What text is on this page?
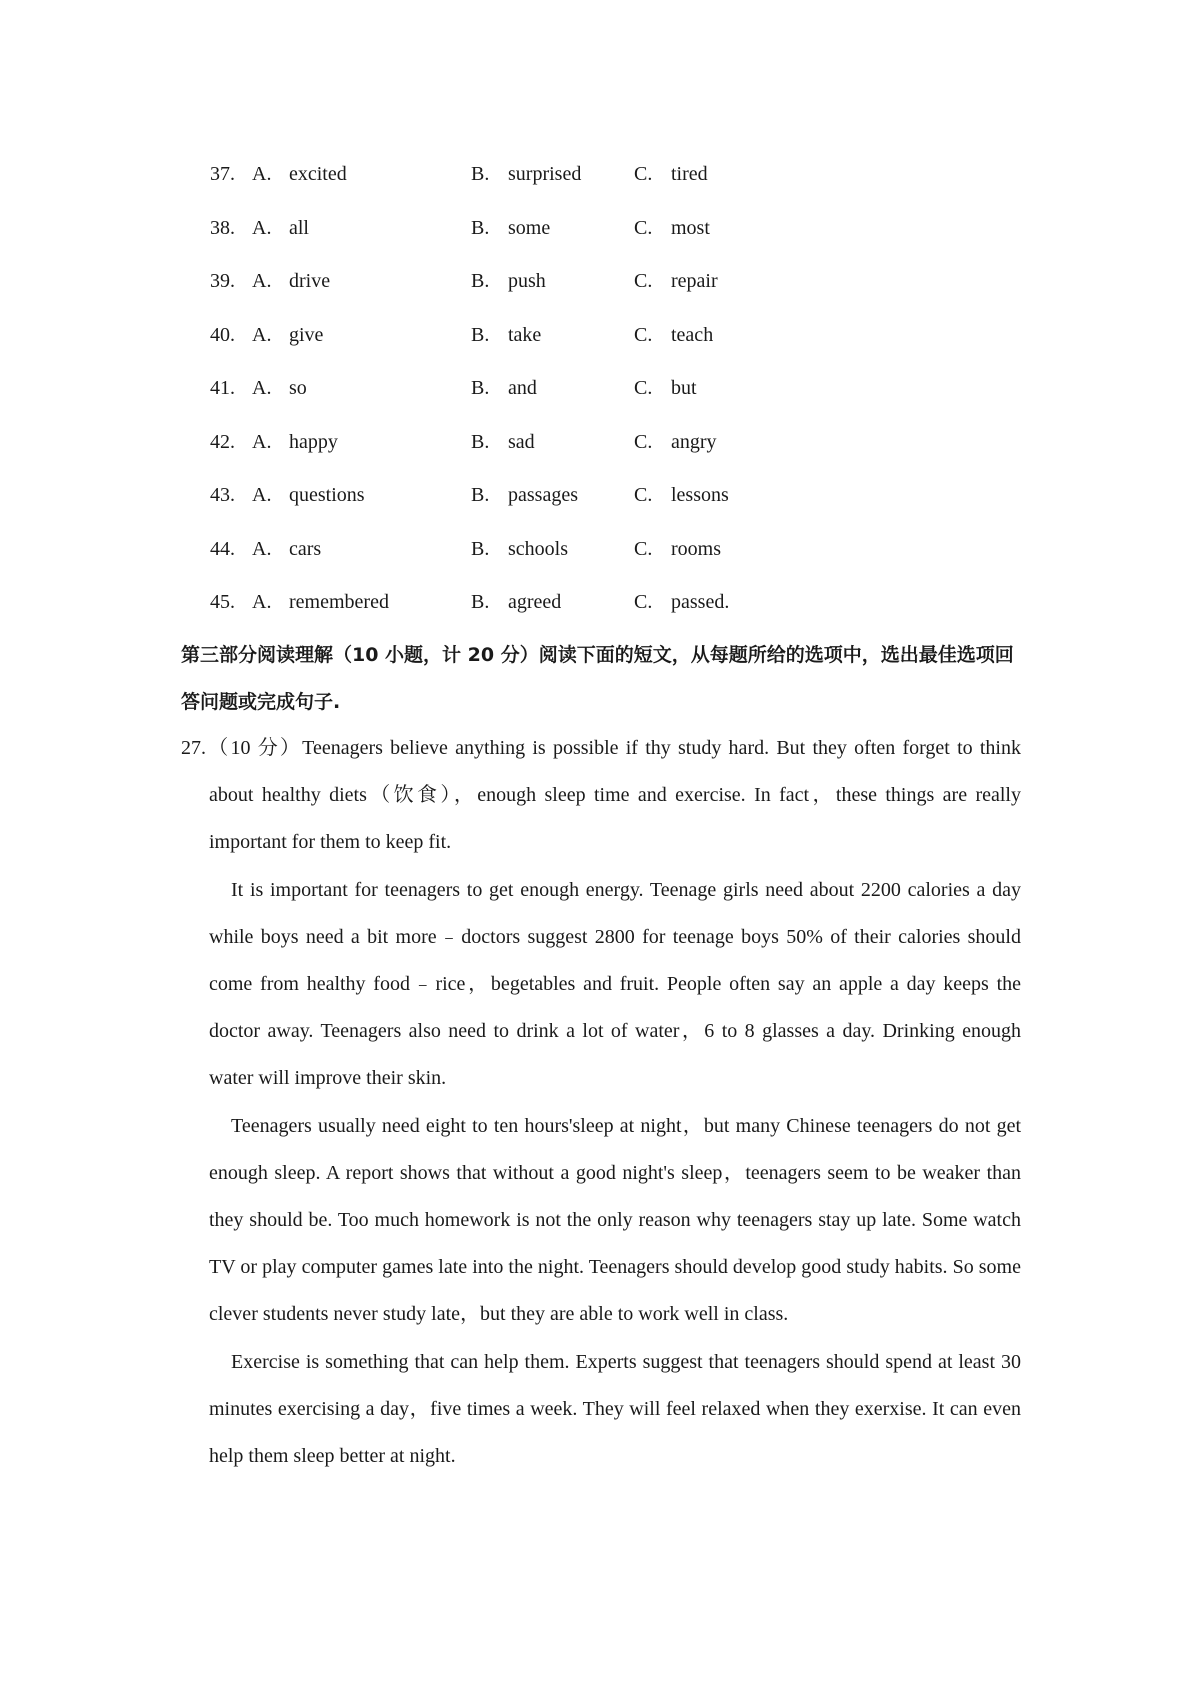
37. A. excited	B. surprised	C. tired
38. A. all	B. some	C. most
39. A. drive	B. push	C. repair
40. A. give	B. take	C. teach
41. A. so	B. and	C. but
42. A. happy	B. sad	C. angry
43. A. questions	B. passages	C. lessons
44. A. cars	B. schools	C. rooms
45. A. remembered	B. agreed	C. passed.

第三部分阅读理解（10 小题，计 20 分）阅读下面的短文，从每题所给的选项中，选出最佳选项回答问题或完成句子.

27.（10 分）Teenagers believe anything is possible if thy study hard. But they often forget to think about healthy diets（饮食），enough sleep time and exercise. In fact，these things are really important for them to keep fit.

It is important for teenagers to get enough energy. Teenage girls need about 2200 calories a day while boys need a bit more﹣doctors suggest 2800 for teenage boys 50% of their calories should come from healthy food﹣rice，begetables and fruit. People often say an apple a day keeps the doctor away. Teenagers also need to drink a lot of water，6 to 8 glasses a day. Drinking enough water will improve their skin.

Teenagers usually need eight to ten hours'sleep at night，but many Chinese teenagers do not get enough sleep. A report shows that without a good night's sleep，teenagers seem to be weaker than they should be. Too much homework is not the only reason why teenagers stay up late. Some watch TV or play computer games late into the night. Teenagers should develop good study habits. So some clever students never study late，but they are able to work well in class.

Exercise is something that can help them. Experts suggest that teenagers should spend at least 30 minutes exercising a day，five times a week. They will feel relaxed when they exerxise. It can even help them sleep better at night.
